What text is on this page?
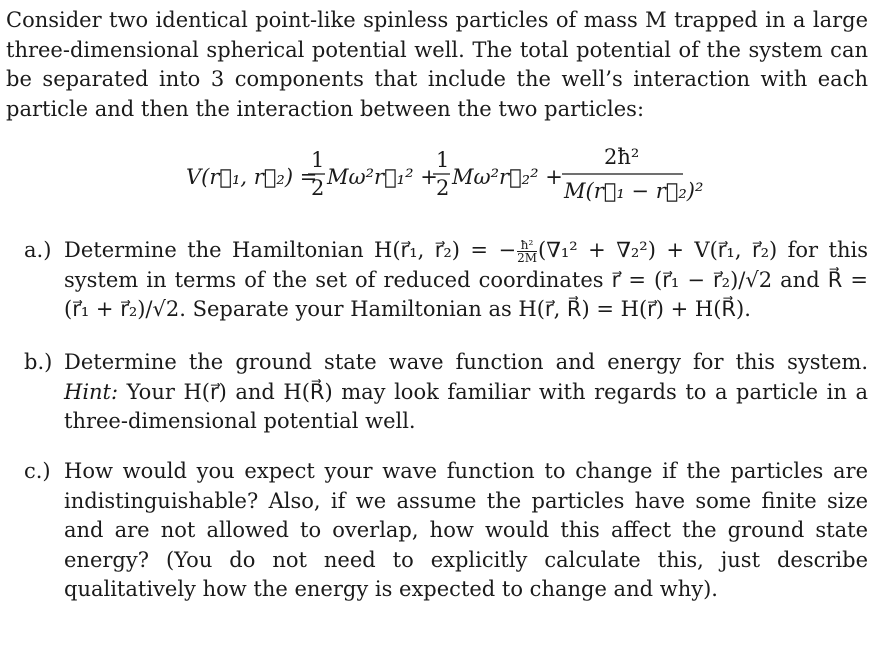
Consider two identical point-like spinless particles of mass M trapped in a large three-dimensional spherical potential well. The total potential of the system can be separated into 3 components that include the well’s interaction with each particle and then the interaction between the two particles:
V(r⃗₁, r⃗₂) =
1
2 Mω²r⃗₁² +
1
2 Mω²r⃗₂² +
2ħ²
M(r⃗₁ − r⃗₂)²
a.) Determine the Hamiltonian H(r⃗₁, r⃗₂) = − $\frac{\text{ħ²}}{2M} (\nabla_1^2 + \nabla_2^2)$ + V(r⃗₁, r⃗₂) for this system in terms of the set of reduced coordinates r⃗ = (r⃗₁ − r⃗₂)/√2 and R⃗ = (r⃗₁ + r⃗₂)/√2. Separate your Hamiltonian as H(r⃗, R⃗) = H(r⃗) + H(R⃗).
b.) Determine the ground state wave function and energy for this system. Hint: Your H(r⃗) and H(R⃗) may look familiar with regards to a particle in a three-dimensional potential well.
c.) How would you expect your wave function to change if the particles are indistinguishable? Also, if we assume the particles have some finite size and are not allowed to overlap, how would this affect the ground state energy? (You do not need to explicitly calculate this, just describe qualitatively how the energy is expected to change and why).
